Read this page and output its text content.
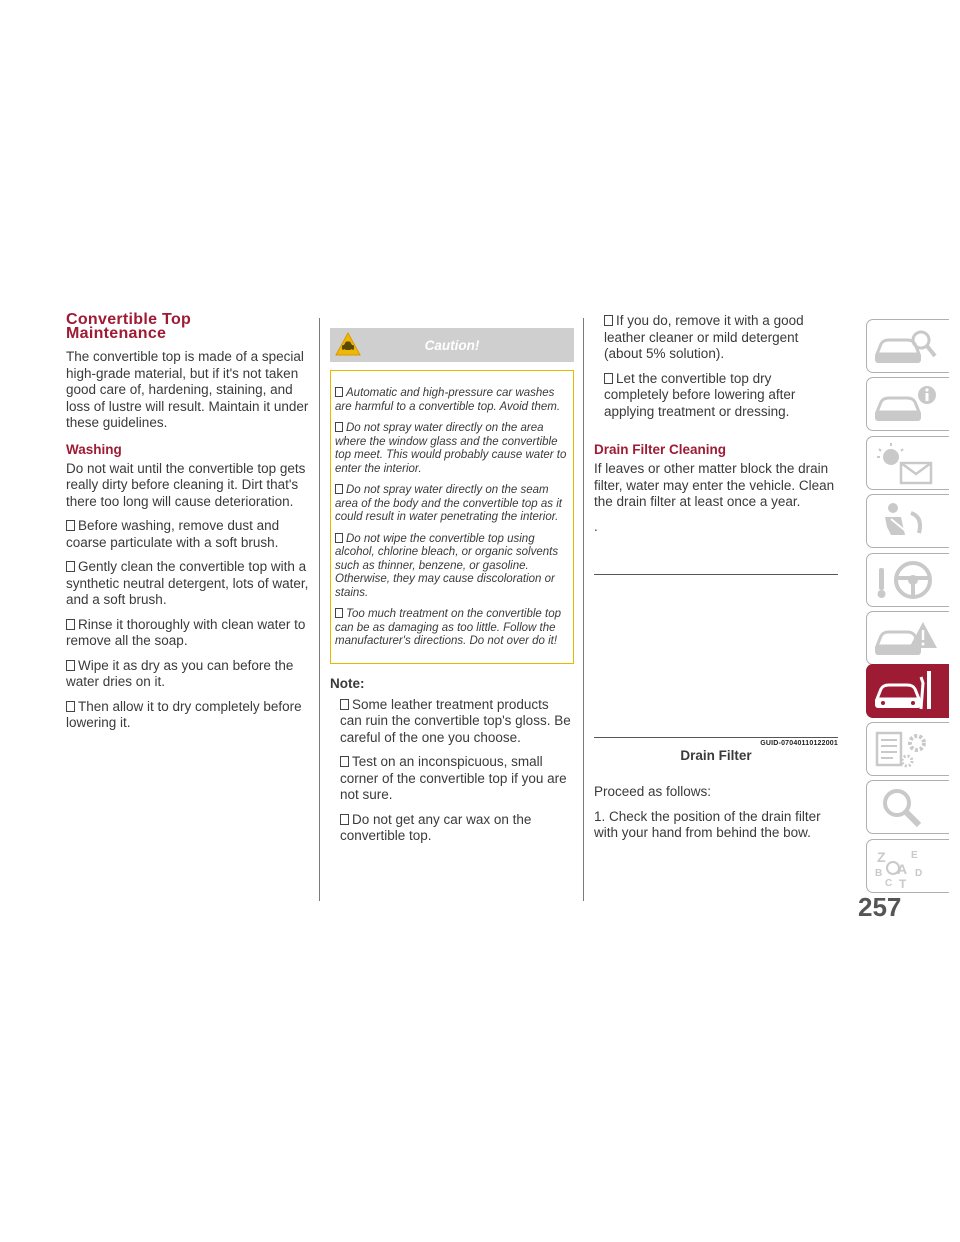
Convertible Top
Maintenance

The convertible top is made of a special high-grade material, but if it's not taken good care of, hardening, staining, and loss of lustre will result. Maintain it under these guidelines.

Washing

Do not wait until the convertible top gets really dirty before cleaning it. Dirt that's there too long will cause deterioration.

Before washing, remove dust and coarse particulate with a soft brush.
Gently clean the convertible top with a synthetic neutral detergent, lots of water, and a soft brush.
Rinse it thoroughly with clean water to remove all the soap.
Wipe it as dry as you can before the water dries on it.
Then allow it to dry completely before lowering it.
Caution!
Automatic and high-pressure car washes are harmful to a convertible top. Avoid them.
Do not spray water directly on the area where the window glass and the convertible top meet. This would probably cause water to enter the interior.
Do not spray water directly on the seam area of the body and the convertible top as it could result in water penetrating the interior.
Do not wipe the convertible top using alcohol, chlorine bleach, or organic solvents such as thinner, benzene, or gasoline. Otherwise, they may cause discoloration or stains.
Too much treatment on the convertible top can be as damaging as too little. Follow the manufacturer's directions. Do not over do it!
Note:
Some leather treatment products can ruin the convertible top's gloss. Be careful of the one you choose.
Test on an inconspicuous, small corner of the convertible top if you are not sure.
Do not get any car wax on the convertible top.
If you do, remove it with a good leather cleaner or mild detergent (about 5% solution).
Let the convertible top dry completely before lowering after applying treatment or dressing.
Drain Filter Cleaning

If leaves or other matter block the drain filter, water may enter the vehicle. Clean the drain filter at least once a year.

.

GUID-07040110122001
Drain Filter

Proceed as follows:

1. Check the position of the drain filter with your hand from behind the bow.

Z
A
E
D
B
C T
257
